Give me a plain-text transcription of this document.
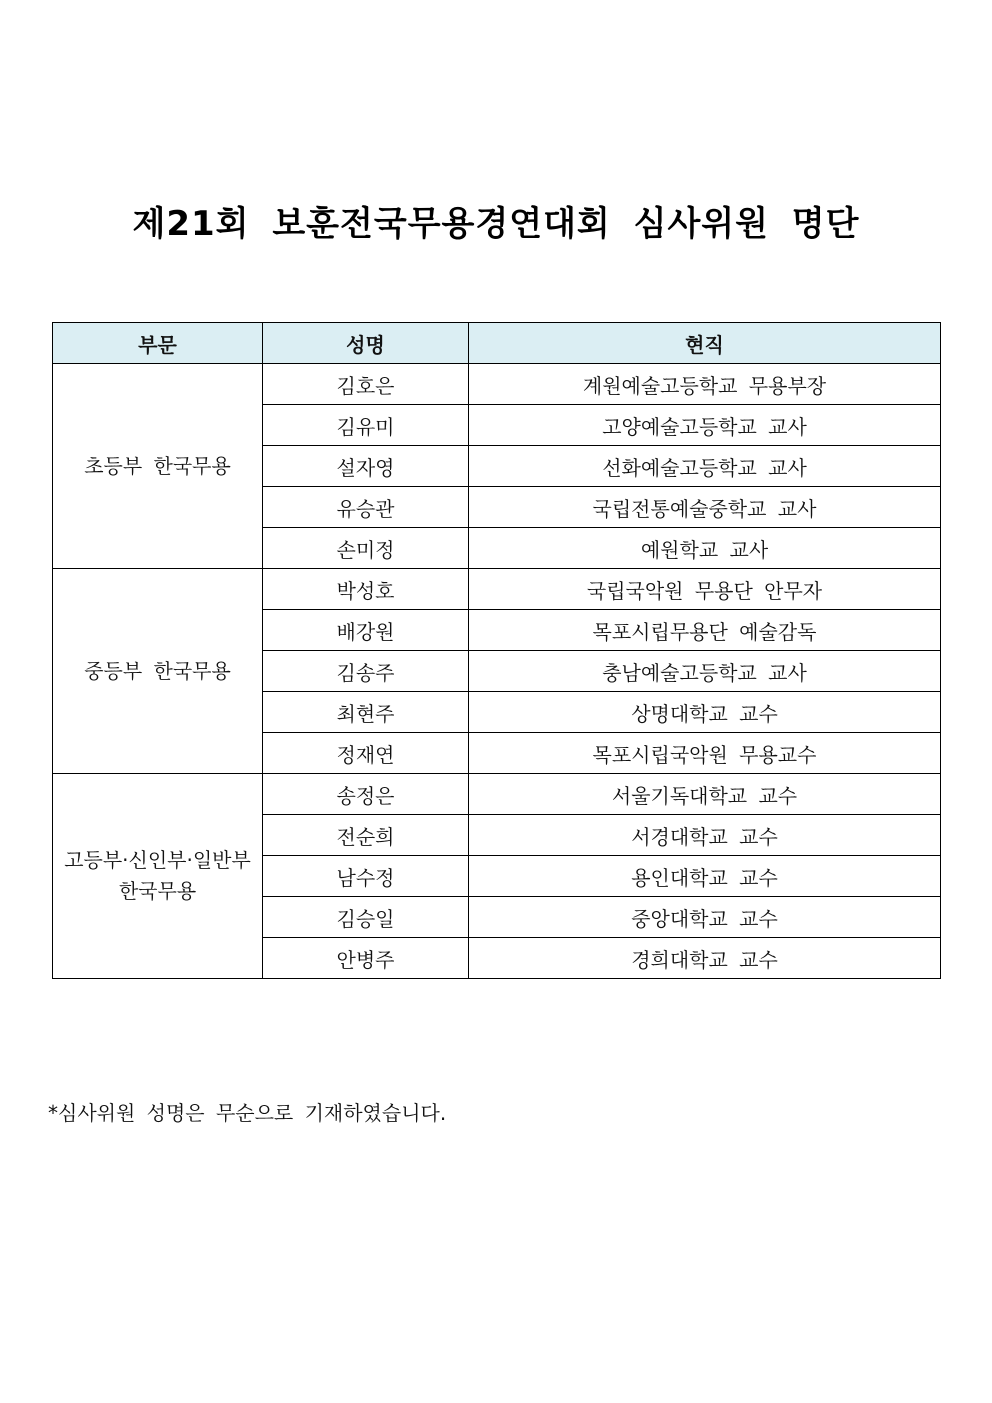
제21회 보훈전국무용경연대회 심사위원 명단
부문	성명	현직

초등부 한국무용	김호은	계원예술고등학교 무용부장
	김유미	고양예술고등학교 교사
	설자영	선화예술고등학교 교사
	유승관	국립전통예술중학교 교사
	손미정	예원학교 교사

중등부 한국무용	박성호	국립국악원 무용단 안무자
	배강원	목포시립무용단 예술감독
	김송주	충남예술고등학교 교사
	최현주	상명대학교 교수
	정재연	목포시립국악원 무용교수

고등부·신인부·일반부
한국무용	송정은	서울기독대학교 교수
	전순희	서경대학교 교수
	남수정	용인대학교 교수
	김승일	중앙대학교 교수
	안병주	경희대학교 교수
*심사위원 성명은 무순으로 기재하였습니다.
